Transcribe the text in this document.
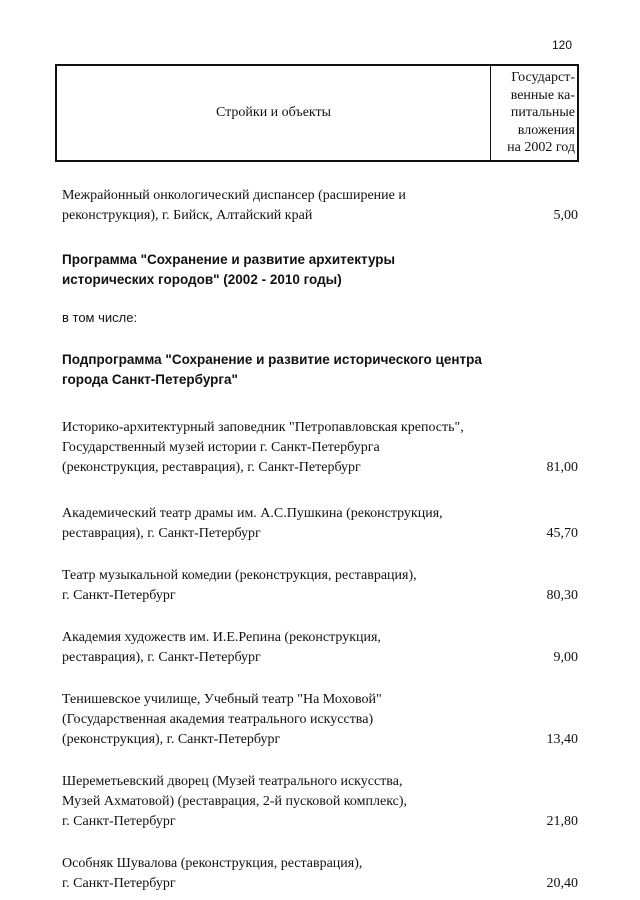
120
Стройки и объекты
Государст-
венные ка-
питальные
вложения
на 2002 год
Межрайонный онкологический диспансер (расширение и
реконструкция), г. Бийск, Алтайский край	5,00
Программа "Сохранение и развитие архитектуры
исторических городов" (2002 - 2010 годы)
в том числе:
Подпрограмма "Сохранение и развитие исторического центра
города Санкт-Петербурга"
Историко-архитектурный заповедник "Петропавловская крепость",
Государственный музей истории г. Санкт-Петербурга
(реконструкция, реставрация), г. Санкт-Петербург	81,00
Академический театр драмы им. А.С.Пушкина (реконструкция,
реставрация), г. Санкт-Петербург	45,70
Театр музыкальной комедии (реконструкция, реставрация),
г. Санкт-Петербург	80,30
Академия художеств им. И.Е.Репина (реконструкция,
реставрация), г. Санкт-Петербург	9,00
Тенишевское училище, Учебный театр "На Моховой"
(Государственная академия театрального искусства)
(реконструкция), г. Санкт-Петербург	13,40
Шереметьевский дворец (Музей театрального искусства,
Музей Ахматовой) (реставрация, 2-й пусковой комплекс),
г. Санкт-Петербург	21,80
Особняк Шувалова (реконструкция, реставрация),
г. Санкт-Петербург	20,40
